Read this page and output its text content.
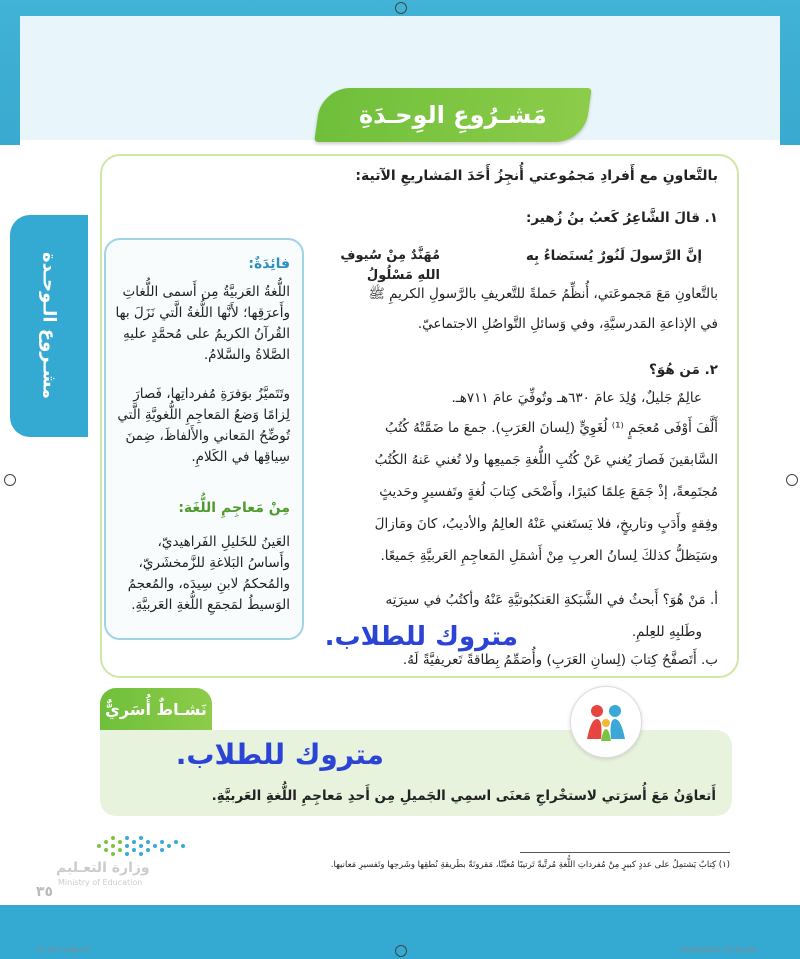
مَشـرُوعِ الوِحـدَةِ
مشـروع الـوحـدة
بالتَّعاونِ مع أَفرادِ مَجمُوعتي أُنجِزُ أَحَدَ المَشاريعِ الآتية:
١. قالَ الشَّاعِرُ كَعبُ بنُ زُهير:
إنَّ الرَّسولَ لَنُورٌ يُستَضاءُ بِه
مُهَنَّدٌ مِنْ سُيوفِ اللهِ مَسْلُولُ
بالتَّعاونِ مَعَ مَجموعَتي، أُنظِّمُ حَملةً للتَّعريفِ بالرَّسولِ الكريمِ ﷺ
في الإذاعةِ المَدرسيَّةِ، وفي وَسائلِ التَّواصُلِ الاجتماعيّ.
٢. مَن هُوَ؟
عالِمٌ جَليلٌ، وُلِدَ عامَ ٦٣٠هـ وتُوفِّيَ عامَ ٧١١هـ.
أَلَّفَ أَوْفَى مُعجَمٍ ⁽¹⁾ لُغَوِيٍّ (لِسانَ العَرَبِ). جمعَ ما ضَمَّتْهُ كُتُبُ
السَّابقينَ فَصارَ يُغني عَنْ كُتُبِ اللُّغةِ جَميعِها ولا تُغني عَنهُ الكُتُبُ
مُجتَمِعةً، إذْ جَمَعَ عِلمًا كثيرًا، وأَضْحَى كِتابَ لُغةٍ وتَفسيرٍ وحَديثٍ
وفِقهٍ وأَدَبٍ وتاريخٍ، فلا يَستَغني عَنْهُ العالِمُ والأديبُ، كانَ ومَازالَ
وسَيَظلُّ كذلكَ لِسانُ العربِ مِنْ أَشمَلِ المَعاجِمِ العَربيَّةِ جَميعًا.
أ. مَنْ هُوَ؟ أَبحثُ في الشَّبَكةِ العَنكبُوتيَّةِ عَنْهُ وأكتُبُ في سيرَتِه
وطَلبِهِ للعِلمِ.
متروك للطلاب.
ب. أَتَصفَّحُ كِتابَ (لِسانِ العَرَبِ) وأُصَمِّمُ بِطاقةً تَعريفيَّةً لَهُ.
فائِدَةٌ:
اللُّغةُ العَربيَّةُ مِن أَسمى اللُّغاتِ وأَعرَقِها؛ لأَنَّها اللُّغةُ الَّتي نَزَلَ بها القُرآنُ الكريمُ على مُحمَّدٍ عليهِ الصَّلاةُ والسَّلامُ.
وتَتَميَّزُ بوَفرَةِ مُفرداتِها، فَصارَ لِزامًا وَضعُ المَعاجِمِ اللُّغويَّةِ الَّتي تُوضِّحُ المَعاني والأَلفاظَ، ضِمنَ سِياقِها في الكَلامِ.
مِنْ مَعاجِمِ اللُّغَة:
العَينُ للخَليلِ الفَراهيديّ، وأَساسُ البَلاغةِ للزَّمخشَريّ، والمُحكمُ لابنِ سِيدَه، والمُعجمُ الوَسيطُ لمَجمَعِ اللُّغةِ العَربيَّةِ.
نَشـاطٌ أُسَريٌّ
متروك للطلاب.
أَتعاوَنُ مَعَ أُسرَتي لاستخْراجِ مَعنَى اسمِي الجَميلِ مِن أَحدِ مَعاجِمِ اللُّغةِ العَربيَّةِ.
(١) كِتابٌ يَشتمِلُ على عددٍ كبيرٍ مِنْ مُفرداتِ اللُّغةِ مُرتَّبةً تَرتيبًا مُعيَّنًا، مَقرونَةً بطَريقةِ نُطقِها وشَرحِها وتَفسيرِ مَعانيها.
وزارة التعـليم
Ministry of Education
٣٥
12-107.indd 35	29/03/2022 12:19 AM
